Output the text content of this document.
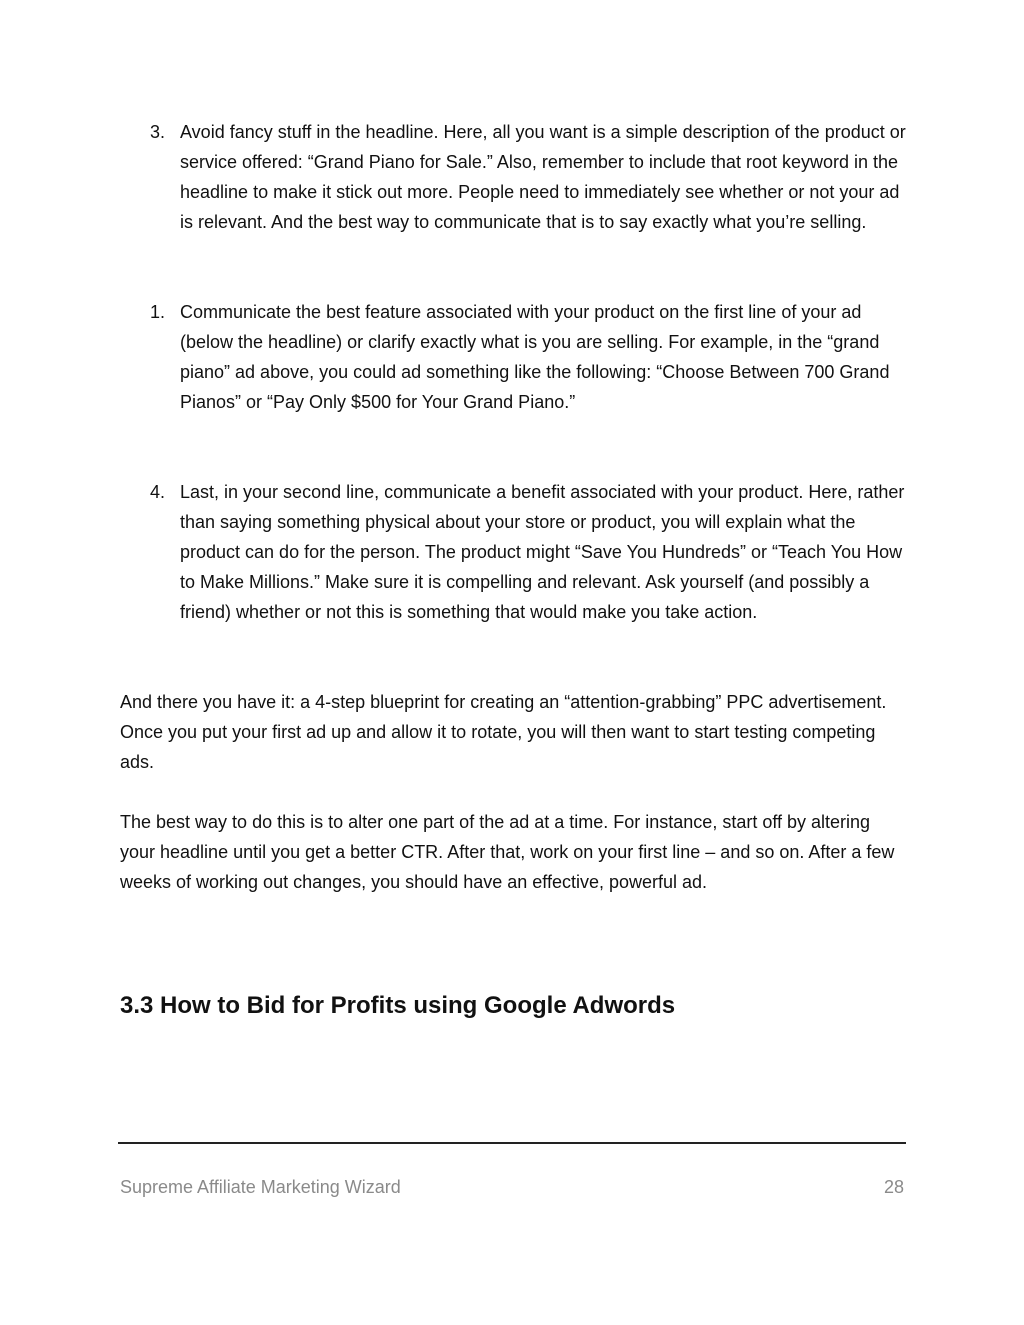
3. Avoid fancy stuff in the headline. Here, all you want is a simple description of the product or service offered: “Grand Piano for Sale.” Also, remember to include that root keyword in the headline to make it stick out more. People need to immediately see whether or not your ad is relevant. And the best way to communicate that is to say exactly what you’re selling.
1. Communicate the best feature associated with your product on the first line of your ad (below the headline) or clarify exactly what is you are selling. For example, in the “grand piano” ad above, you could ad something like the following: “Choose Between 700 Grand Pianos” or “Pay Only $500 for Your Grand Piano.”
4. Last, in your second line, communicate a benefit associated with your product. Here, rather than saying something physical about your store or product, you will explain what the product can do for the person. The product might “Save You Hundreds” or “Teach You How to Make Millions.” Make sure it is compelling and relevant. Ask yourself (and possibly a friend) whether or not this is something that would make you take action.

And there you have it: a 4-step blueprint for creating an “attention-grabbing” PPC advertisement. Once you put your first ad up and allow it to rotate, you will then want to start testing competing ads.

The best way to do this is to alter one part of the ad at a time. For instance, start off by altering your headline until you get a better CTR. After that, work on your first line – and so on. After a few weeks of working out changes, you should have an effective, powerful ad.

3.3 How to Bid for Profits using Google Adwords
Supreme Affiliate Marketing Wizard	28
